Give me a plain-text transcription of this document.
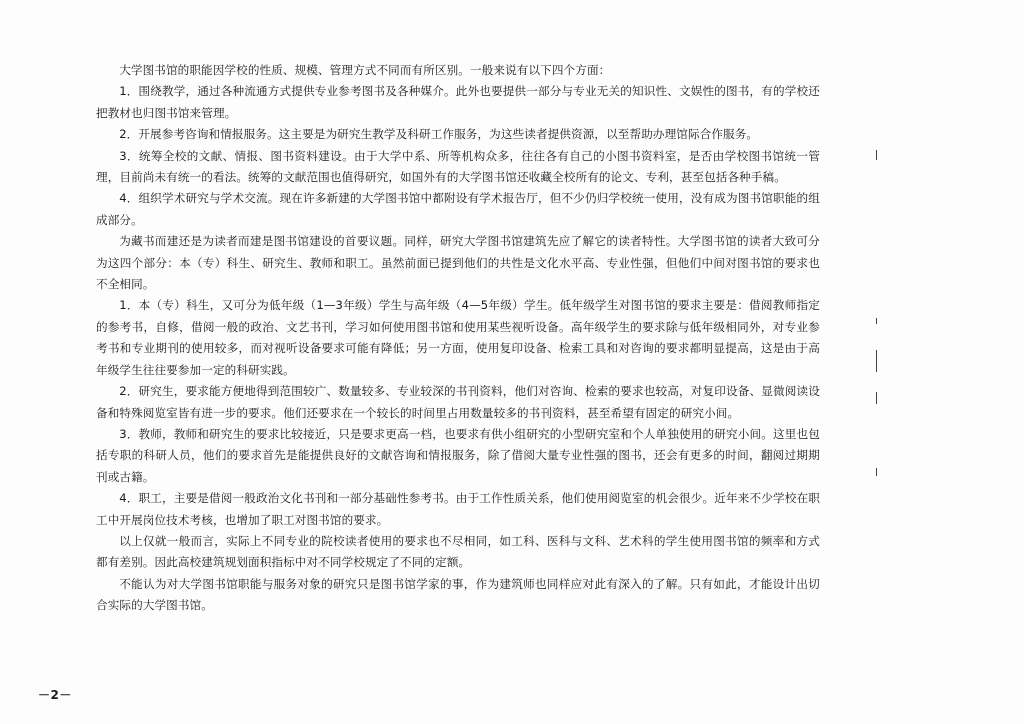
大学图书馆的职能因学校的性质、规模、管理方式不同而有所区别。一般来说有以下四个方面：

1．围绕教学，通过各种流通方式提供专业参考图书及各种媒介。此外也要提供一部分与专业无关的知识性、文娱性的图书，有的学校还把教材也归图书馆来管理。

2．开展参考咨询和情报服务。这主要是为研究生教学及科研工作服务，为这些读者提供资源，以至帮助办理馆际合作服务。

3．统筹全校的文献、情报、图书资料建设。由于大学中系、所等机构众多，往往各有自己的小图书资料室，是否由学校图书馆统一管理，目前尚未有统一的看法。统筹的文献范围也值得研究，如国外有的大学图书馆还收藏全校所有的论文、专利，甚至包括各种手稿。

4．组织学术研究与学术交流。现在许多新建的大学图书馆中都附设有学术报告厅，但不少仍归学校统一使用，没有成为图书馆职能的组成部分。

为藏书而建还是为读者而建是图书馆建设的首要议题。同样，研究大学图书馆建筑先应了解它的读者特性。大学图书馆的读者大致可分为这四个部分：本（专）科生、研究生、教师和职工。虽然前面已提到他们的共性是文化水平高、专业性强，但他们中间对图书馆的要求也不全相同。

1．本（专）科生，又可分为低年级（1—3年级）学生与高年级（4—5年级）学生。低年级学生对图书馆的要求主要是：借阅教师指定的参考书，自修，借阅一般的政治、文艺书刊，学习如何使用图书馆和使用某些视听设备。高年级学生的要求除与低年级相同外，对专业参考书和专业期刊的使用较多，而对视听设备要求可能有降低；另一方面，使用复印设备、检索工具和对咨询的要求都明显提高，这是由于高年级学生往往要参加一定的科研实践。

2．研究生，要求能方便地得到范围较广、数量较多、专业较深的书刊资料，他们对咨询、检索的要求也较高，对复印设备、显微阅读设备和特殊阅览室皆有进一步的要求。他们还要求在一个较长的时间里占用数量较多的书刊资料，甚至希望有固定的研究小间。

3．教师，教师和研究生的要求比较接近，只是要求更高一档，也要求有供小组研究的小型研究室和个人单独使用的研究小间。这里也包括专职的科研人员，他们的要求首先是能提供良好的文献咨询和情报服务，除了借阅大量专业性强的图书，还会有更多的时间，翻阅过期期刊或古籍。

4．职工，主要是借阅一般政治文化书刊和一部分基础性参考书。由于工作性质关系，他们使用阅览室的机会很少。近年来不少学校在职工中开展岗位技术考核，也增加了职工对图书馆的要求。

以上仅就一般而言，实际上不同专业的院校读者使用的要求也不尽相同，如工科、医科与文科、艺术科的学生使用图书馆的频率和方式都有差别。因此高校建筑规划面积指标中对不同学校规定了不同的定额。

不能认为对大学图书馆职能与服务对象的研究只是图书馆学家的事，作为建筑师也同样应对此有深入的了解。只有如此，才能设计出切合实际的大学图书馆。

－2－
